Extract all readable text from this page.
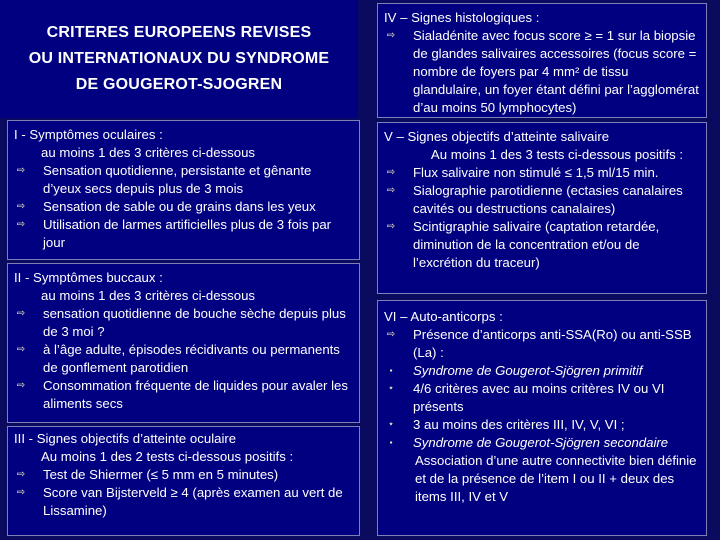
CRITERES EUROPEENS REVISES
OU INTERNATIONAUX DU SYNDROME
DE GOUGEROT-SJOGREN
I - Symptômes oculaires :
au moins 1 des 3 critères ci-dessous
⇨ Sensation quotidienne, persistante et gênante d’yeux secs depuis plus de 3 mois
⇨ Sensation de sable ou de grains dans les yeux
⇨ Utilisation de larmes artificielles plus de 3 fois par jour
II - Symptômes buccaux :
au moins 1 des 3 critères ci-dessous
⇨ sensation quotidienne de bouche sèche depuis plus de 3 moi ?
⇨ à l’âge adulte, épisodes récidivants ou permanents de gonflement parotidien
⇨ Consommation fréquente de liquides pour avaler les aliments secs
III - Signes objectifs d’atteinte oculaire
Au moins 1 des 2 tests ci-dessous positifs :
⇨ Test de Shiermer (≤ 5 mm en 5 minutes)
⇨ Score van Bijsterveld ≥ 4 (après examen au vert de Lissamine)
IV – Signes histologiques :
⇨ Sialadénite avec focus score ≥ = 1 sur la biopsie de glandes salivaires accessoires (focus score = nombre de foyers par 4 mm² de tissu glandulaire, un foyer étant défini par l’agglomérat d’au moins 50 lymphocytes)
V – Signes objectifs d’atteinte salivaire
Au moins 1 des 3 tests ci-dessous positifs :
⇨ Flux salivaire non stimulé ≤ 1,5 ml/15 min.
⇨ Sialographie parotidienne (ectasies canalaires cavités ou destructions canalaires)
⇨ Scintigraphie salivaire (captation retardée, diminution de la concentration et/ou de l’excrétion du traceur)
VI – Auto-anticorps :
⇨ Présence d’anticorps anti-SSA(Ro) ou anti-SSB (La) :
▪	Syndrome de Gougerot-Sjögren primitif
⋆ 4/6 critères avec au moins critères IV ou VI présents
⋆ 3 au moins des critères III, IV, V, VI ;
▪	Syndrome de Gougerot-Sjögren secondaire
Association d’une autre connectivite bien définie et de la présence de l’item I ou II + deux des items III, IV et V
